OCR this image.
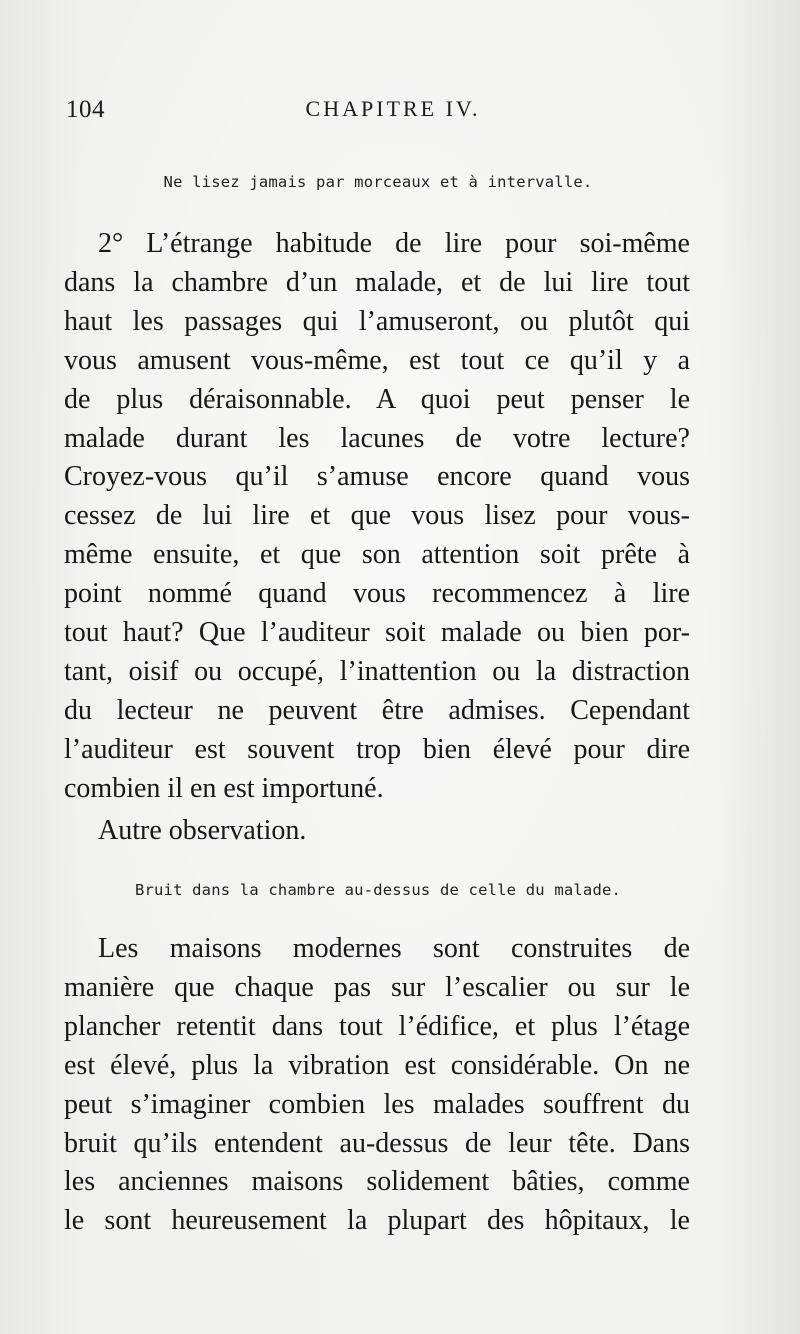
104	CHAPITRE IV.
Ne lisez jamais par morceaux et à intervalle.
2° L’étrange habitude de lire pour soi-même
dans la chambre d’un malade, et de lui lire tout
haut les passages qui l’amuseront, ou plutôt qui
vous amusent vous-même, est tout ce qu’il y a
de plus déraisonnable. A quoi peut penser le
malade durant les lacunes de votre lecture?
Croyez-vous qu’il s’amuse encore quand vous
cessez de lui lire et que vous lisez pour vous-
même ensuite, et que son attention soit prête à
point nommé quand vous recommencez à lire
tout haut? Que l’auditeur soit malade ou bien por-
tant, oisif ou occupé, l’inattention ou la distraction
du lecteur ne peuvent être admises. Cependant
l’auditeur est souvent trop bien élevé pour dire
combien il en est importuné.
Autre observation.
Bruit dans la chambre au-dessus de celle du malade.
Les maisons modernes sont construites de
manière que chaque pas sur l’escalier ou sur le
plancher retentit dans tout l’édifice, et plus l’étage
est élevé, plus la vibration est considérable. On ne
peut s’imaginer combien les malades souffrent du
bruit qu’ils entendent au-dessus de leur tête. Dans
les anciennes maisons solidement bâties, comme
le sont heureusement la plupart des hôpitaux, le
